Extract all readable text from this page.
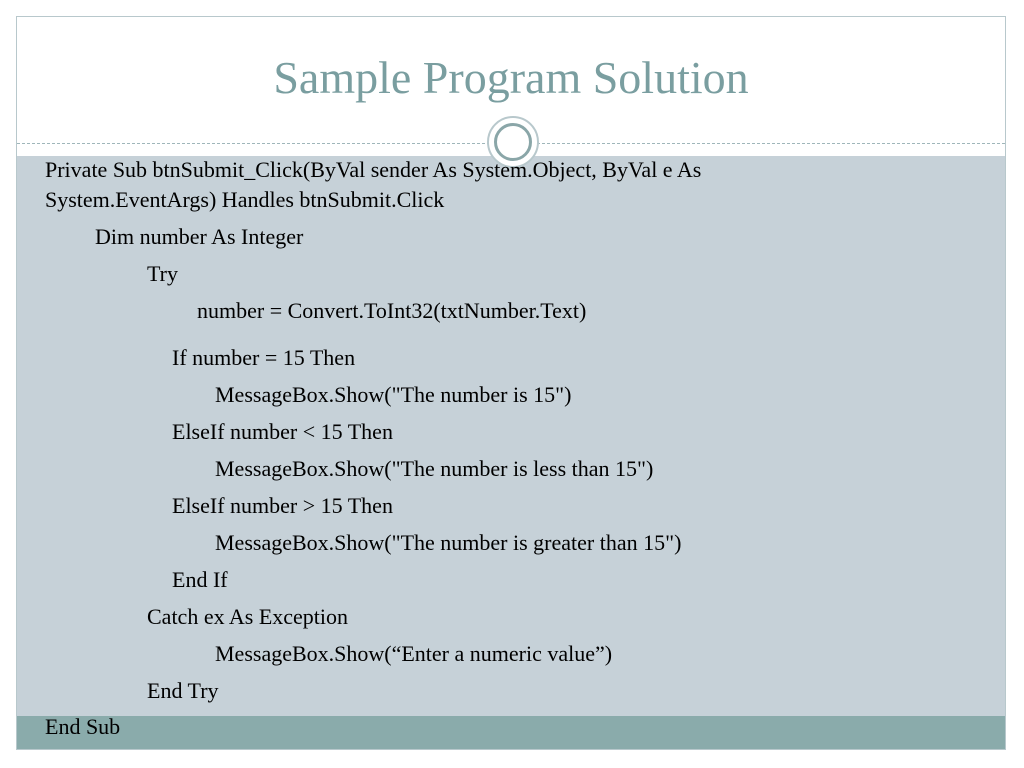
Sample Program Solution
Private Sub btnSubmit_Click(ByVal sender As System.Object, ByVal e As
System.EventArgs) Handles btnSubmit.Click
Dim number As Integer
Try
number = Convert.ToInt32(txtNumber.Text)
If number = 15 Then
MessageBox.Show("The number is 15")
ElseIf number < 15 Then
MessageBox.Show("The number is less than 15")
ElseIf number > 15 Then
MessageBox.Show("The number is greater than 15")
End If
Catch ex As Exception
MessageBox.Show(“Enter a numeric value”)
End Try
End Sub
